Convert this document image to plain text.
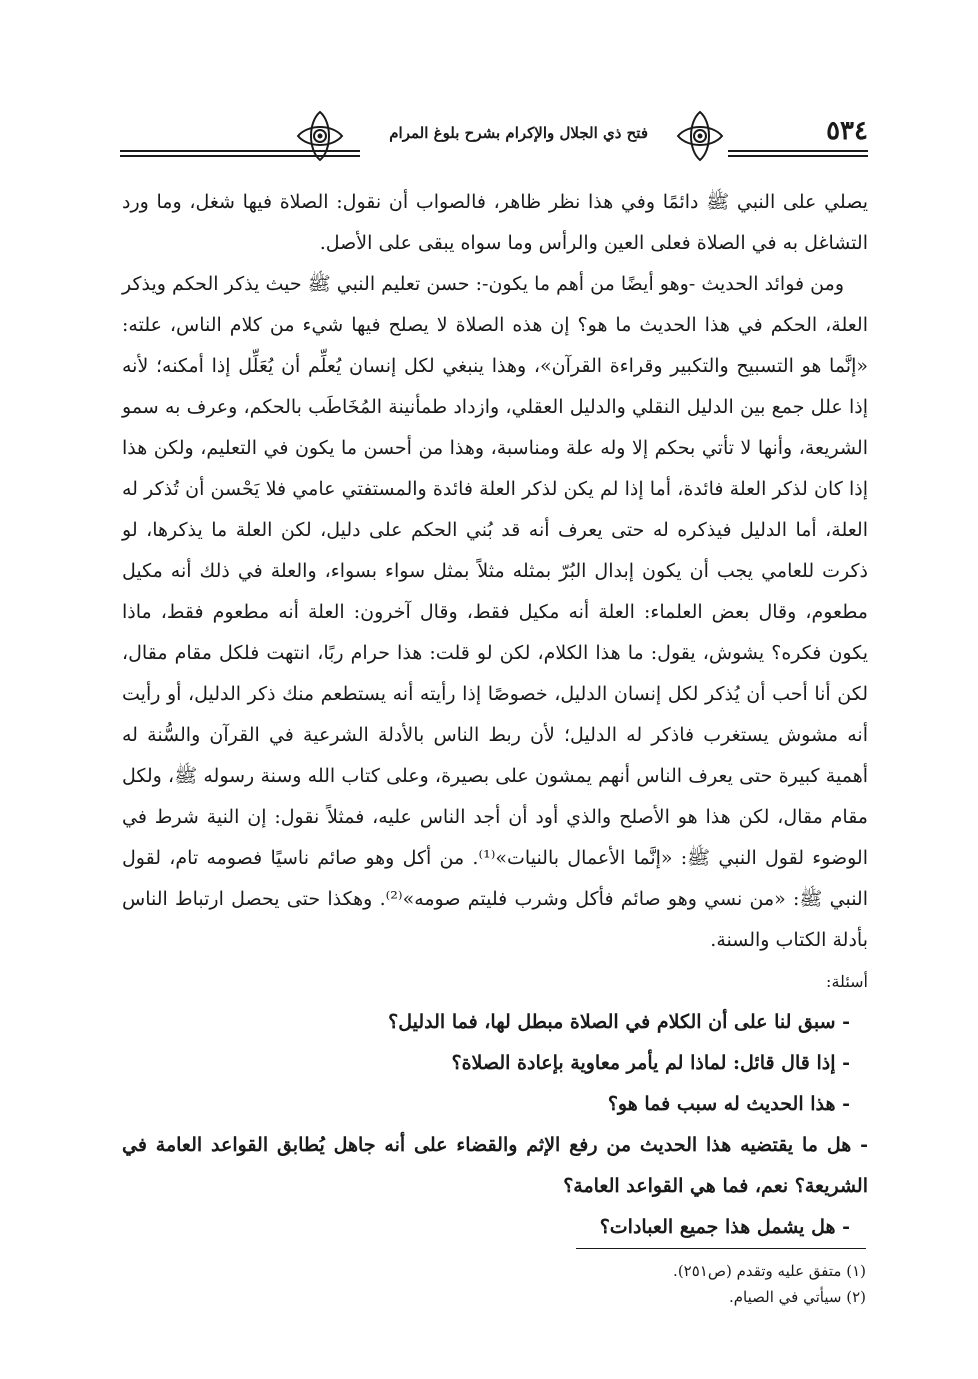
٥٣٤
فتح ذي الجلال والإكرام بشرح بلوغ المرام

يصلي على النبي ﷺ دائمًا وفي هذا نظر ظاهر، فالصواب أن نقول: الصلاة فيها شغل، وما ورد التشاغل به في الصلاة فعلى العين والرأس وما سواه يبقى على الأصل.

ومن فوائد الحديث -وهو أيضًا من أهم ما يكون-: حسن تعليم النبي ﷺ حيث يذكر الحكم ويذكر العلة، الحكم في هذا الحديث ما هو؟ إن هذه الصلاة لا يصلح فيها شيء من كلام الناس، علته: «إنَّما هو التسبيح والتكبير وقراءة القرآن»، وهذا ينبغي لكل إنسان يُعلِّم أن يُعَلِّل إذا أمكنه؛ لأنه إذا علل جمع بين الدليل النقلي والدليل العقلي، وازداد طمأنينة المُخَاطَب بالحكم، وعرف به سمو الشريعة، وأنها لا تأتي بحكم إلا وله علة ومناسبة، وهذا من أحسن ما يكون في التعليم، ولكن هذا إذا كان لذكر العلة فائدة، أما إذا لم يكن لذكر العلة فائدة والمستفتي عامي فلا يَحْسن أن تُذكر له العلة، أما الدليل فيذكره له حتى يعرف أنه قد بُني الحكم على دليل، لكن العلة ما يذكرها، لو ذكرت للعامي يجب أن يكون إبدال البُرّ بمثله مثلاً بمثل سواء بسواء، والعلة في ذلك أنه مكيل مطعوم، وقال بعض العلماء: العلة أنه مكيل فقط، وقال آخرون: العلة أنه مطعوم فقط، ماذا يكون فكره؟ يشوش، يقول: ما هذا الكلام، لكن لو قلت: هذا حرام ربًا، انتهت فلكل مقام مقال، لكن أنا أحب أن يُذكر لكل إنسان الدليل، خصوصًا إذا رأيته أنه يستطعم منك ذكر الدليل، أو رأيت أنه مشوش يستغرب فاذكر له الدليل؛ لأن ربط الناس بالأدلة الشرعية في القرآن والسُّنة له أهمية كبيرة حتى يعرف الناس أنهم يمشون على بصيرة، وعلى كتاب الله وسنة رسوله ﷺ، ولكل مقام مقال، لكن هذا هو الأصلح والذي أود أن أجد الناس عليه، فمثلاً نقول: إن النية شرط في الوضوء لقول النبي ﷺ: «إنَّما الأعمال بالنيات»⁽¹⁾. من أكل وهو صائم ناسيًا فصومه تام، لقول النبي ﷺ: «من نسي وهو صائم فأكل وشرب فليتم صومه»⁽²⁾. وهكذا حتى يحصل ارتباط الناس بأدلة الكتاب والسنة.

أسئلة:

- سبق لنا على أن الكلام في الصلاة مبطل لها، فما الدليل؟

- إذا قال قائل: لماذا لم يأمر معاوية بإعادة الصلاة؟

- هذا الحديث له سبب فما هو؟

- هل ما يقتضيه هذا الحديث من رفع الإثم والقضاء على أنه جاهل يُطابق القواعد العامة في الشريعة؟ نعم، فما هي القواعد العامة؟

- هل يشمل هذا جميع العبادات؟

(١) متفق عليه وتقدم (ص٢٥١).

(٢) سيأتي في الصيام.
